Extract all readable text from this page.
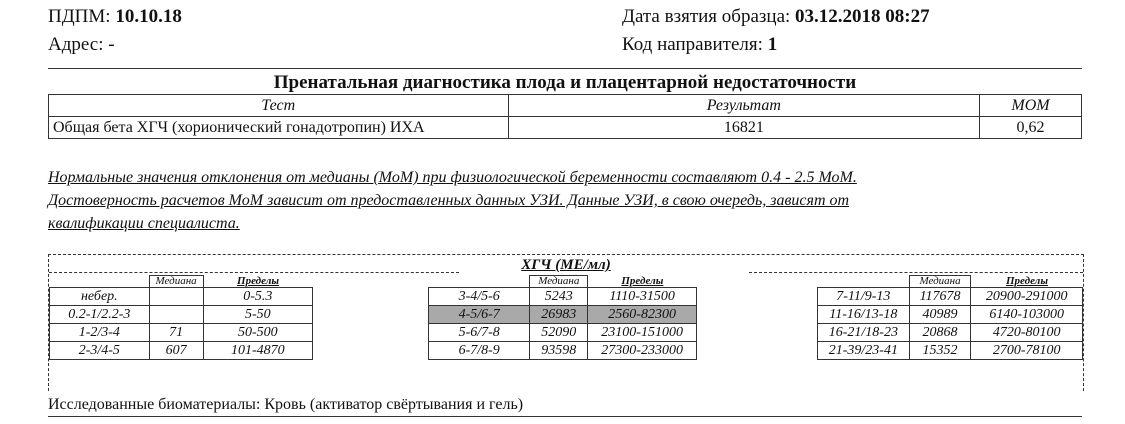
ПДПМ: 10.10.18
Адрес: -
Дата взятия образца: 03.12.2018 08:27
Код направителя: 1
Пренатальная диагностика плода и плацентарной недостаточности
Тест	Результат	МОМ
Общая бета ХГЧ (хорионический гонадотропин) ИХА	16821	0,62
Нормальные значения отклонения от медианы (МоМ) при физиологической беременности составляют 0.4 - 2.5 МоМ.
Достоверность расчетов МоМ зависит от предоставленных данных УЗИ. Данные УЗИ, в свою очередь, зависят от
квалификации специалиста.
ХГЧ (МЕ/мл)
	Медиана	Пределы
небер.		0-5.3
0.2-1/2.2-3		5-50
1-2/3-4	71	50-500
2-3/4-5	607	101-4870
	Медиана	Пределы
3-4/5-6	5243	1110-31500
4-5/6-7	26983	2560-82300
5-6/7-8	52090	23100-151000
6-7/8-9	93598	27300-233000
	Медиана	Пределы
7-11/9-13	117678	20900-291000
11-16/13-18	40989	6140-103000
16-21/18-23	20868	4720-80100
21-39/23-41	15352	2700-78100
Исследованные биоматериалы: Кровь (активатор свёртывания и гель)
